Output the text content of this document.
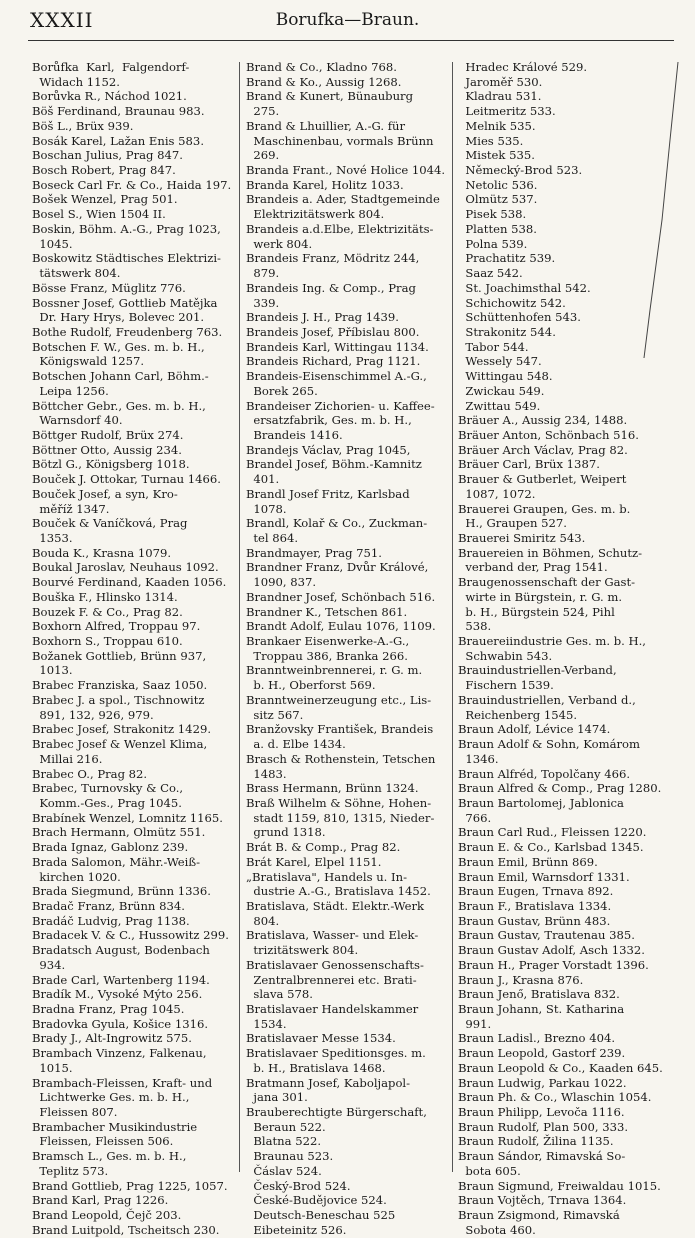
XXXII	Borufka—Braun.
Borůfka  Karl,  Falgendorf-
Widach 1152.
Borůvka R., Náchod 1021.
Böš Ferdinand, Braunau 983.
Böš L., Brüx 939.
Bosák Karel, Lažan Enis 583.
Boschan Julius, Prag 847.
Bosch Robert, Prag 847.
Boseck Carl Fr. & Co., Haida 197.
Bošek Wenzel, Prag 501.
Bosel S., Wien 1504 II.
Boskin, Böhm. A.-G., Prag 1023,
1045.
Boskowitz Städtisches Elektrizi-
tätswerk 804.
Bösse Franz, Müglitz 776.
Bossner Josef, Gottlieb Matějka
Dr. Hary Hrys, Bolevec 201.
Bothe Rudolf, Freudenberg 763.
Botschen F. W., Ges. m. b. H.,
Königswald 1257.
Botschen Johann Carl, Böhm.-
Leipa 1256.
Böttcher Gebr., Ges. m. b. H.,
Warnsdorf 40.
Böttger Rudolf, Brüx 274.
Böttner Otto, Aussig 234.
Bötzl G., Königsberg 1018.
Bouček J. Ottokar, Turnau 1466.
Bouček Josef, a syn, Kro-
měříž 1347.
Bouček & Vaníčková, Prag
1353.
Bouda K., Krasna 1079.
Boukal Jaroslav, Neuhaus 1092.
Bourvé Ferdinand, Kaaden 1056.
Bouška F., Hlinsko 1314.
Bouzek F. & Co., Prag 82.
Boxhorn Alfred, Troppau 97.
Boxhorn S., Troppau 610.
Božanek Gottlieb, Brünn 937,
1013.
Brabec Franziska, Saaz 1050.
Brabec J. a spol., Tischnowitz
891, 132, 926, 979.
Brabec Josef, Strakonitz 1429.
Brabec Josef & Wenzel Klima,
Millai 216.
Brabec O., Prag 82.
Brabec, Turnovsky & Co.,
Komm.-Ges., Prag 1045.
Brabínek Wenzel, Lomnitz 1165.
Brach Hermann, Olmütz 551.
Brada Ignaz, Gablonz 239.
Brada Salomon, Mähr.-Weiß-
kirchen 1020.
Brada Siegmund, Brünn 1336.
Bradač Franz, Brünn 834.
Bradáč Ludvig, Prag 1138.
Bradacek V. & C., Hussowitz 299.
Bradatsch August, Bodenbach
934.
Brade Carl, Wartenberg 1194.
Bradík M., Vysoké Mýto 256.
Bradna Franz, Prag 1045.
Bradovka Gyula, Košice 1316.
Brady J., Alt-Ingrowitz 575.
Brambach Vinzenz, Falkenau,
1015.
Brambach-Fleissen, Kraft- und
Lichtwerke Ges. m. b. H.,
Fleissen 807.
Brambacher Musikindustrie
Fleissen, Fleissen 506.
Bramsch L., Ges. m. b. H.,
Teplitz 573.
Brand Gottlieb, Prag 1225, 1057.
Brand Karl, Prag 1226.
Brand Leopold, Čejč 203.
Brand Luitpold, Tscheitsch 230.
Brand & Co., Kladno 768.
Brand & Ko., Aussig 1268.
Brand & Kunert, Bünauburg
275.
Brand & Lhuillier, A.-G. für
Maschinenbau, vormals Brünn
269.
Branda Frant., Nové Holice 1044.
Branda Karel, Holitz 1033.
Brandeis a. Ader, Stadtgemeinde
Elektrizitätswerk 804.
Brandeis a.d.Elbe, Elektrizitäts-
werk 804.
Brandeis Franz, Mödritz 244,
879.
Brandeis Ing. & Comp., Prag
339.
Brandeis J. H., Prag 1439.
Brandeis Josef, Příbislau 800.
Brandeis Karl, Wittingau 1134.
Brandeis Richard, Prag 1121.
Brandeis-Eisenschimmel A.-G.,
Borek 265.
Brandeiser Zichorien- u. Kaffee-
ersatzfabrik, Ges. m. b. H.,
Brandeis 1416.
Brandejs Václav, Prag 1045,
Brandel Josef, Böhm.-Kamnitz
401.
Brandl Josef Fritz, Karlsbad
1078.
Brandl, Kolař & Co., Zuckman-
tel 864.
Brandmayer, Prag 751.
Brandner Franz, Dvůr Králové,
1090, 837.
Brandner Josef, Schönbach 516.
Brandner K., Tetschen 861.
Brandt Adolf, Eulau 1076, 1109.
Brankaer Eisenwerke-A.-G.,
Troppau 386, Branka 266.
Branntweinbrennerei, r. G. m.
b. H., Oberforst 569.
Branntweinerzeugung etc., Lis-
sitz 567.
Branžovsky František, Brandeis
a. d. Elbe 1434.
Brasch & Rothenstein, Tetschen
1483.
Brass Hermann, Brünn 1324.
Braß Wilhelm & Söhne, Hohen-
stadt 1159, 810, 1315, Nieder-
grund 1318.
Brát B. & Comp., Prag 82.
Brát Karel, Elpel 1151.
„Bratislava", Handels u. In-
dustrie A.-G., Bratislava 1452.
Bratislava, Städt. Elektr.-Werk
804.
Bratislava, Wasser- und Elek-
trizitätswerk 804.
Bratislavaer Genossenschafts-
Zentralbrennerei etc. Brati-
slava 578.
Bratislavaer Handelskammer
1534.
Bratislavaer Messe 1534.
Bratislavaer Speditionsges. m.
b. H., Bratislava 1468.
Bratmann Josef, Kaboljapol-
jana 301.
Brauberechtigte Bürgerschaft,
Beraun 522.
Blatna 522.
Braunau 523.
Čáslav 524.
Český-Brod 524.
České-Budějovice 524.
Deutsch-Beneschau 525
Eibeteinitz 526.
Hradec Králové 529.
Jaroměř 530.
Kladrau 531.
Leitmeritz 533.
Melnik 535.
Mies 535.
Mistek 535.
Německý-Brod 523.
Netolic 536.
Olmütz 537.
Pisek 538.
Platten 538.
Polna 539.
Prachatitz 539.
Saaz 542.
St. Joachimsthal 542.
Schichowitz 542.
Schüttenhofen 543.
Strakonitz 544.
Tabor 544.
Wessely 547.
Wittingau 548.
Zwickau 549.
Zwittau 549.
Bräuer A., Aussig 234, 1488.
Bräuer Anton, Schönbach 516.
Bräuer Arch Václav, Prag 82.
Bräuer Carl, Brüx 1387.
Brauer & Gutberlet, Weipert
1087, 1072.
Brauerei Graupen, Ges. m. b.
H., Graupen 527.
Brauerei Smiritz 543.
Brauereien in Böhmen, Schutz-
verband der, Prag 1541.
Braugenossenschaft der Gast-
wirte in Bürgstein, r. G. m.
b. H., Bürgstein 524, Pihl
538.
Brauereiindustrie Ges. m. b. H.,
Schwabin 543.
Brauindustriellen-Verband,
Fischern 1539.
Brauindustriellen, Verband d.,
Reichenberg 1545.
Braun Adolf, Lévice 1474.
Braun Adolf & Sohn, Komárom
1346.
Braun Alfréd, Topolčany 466.
Braun Alfred & Comp., Prag 1280.
Braun Bartolomej, Jablonica
766.
Braun Carl Rud., Fleissen 1220.
Braun E. & Co., Karlsbad 1345.
Braun Emil, Brünn 869.
Braun Emil, Warnsdorf 1331.
Braun Eugen, Trnava 892.
Braun F., Bratislava 1334.
Braun Gustav, Brünn 483.
Braun Gustav, Trautenau 385.
Braun Gustav Adolf, Asch 1332.
Braun H., Prager Vorstadt 1396.
Braun J., Krasna 876.
Braun Jenő, Bratislava 832.
Braun Johann, St. Katharina
991.
Braun Ladisl., Brezno 404.
Braun Leopold, Gastorf 239.
Braun Leopold & Co., Kaaden 645.
Braun Ludwig, Parkau 1022.
Braun Ph. & Co., Wlaschin 1054.
Braun Philipp, Levoča 1116.
Braun Rudolf, Plan 500, 333.
Braun Rudolf, Žilina 1135.
Braun Sándor, Rimavská So-
bota 605.
Braun Sigmund, Freiwaldau 1015.
Braun Vojtěch, Trnava 1364.
Braun Zsigmond, Rimavská
Sobota 460.
